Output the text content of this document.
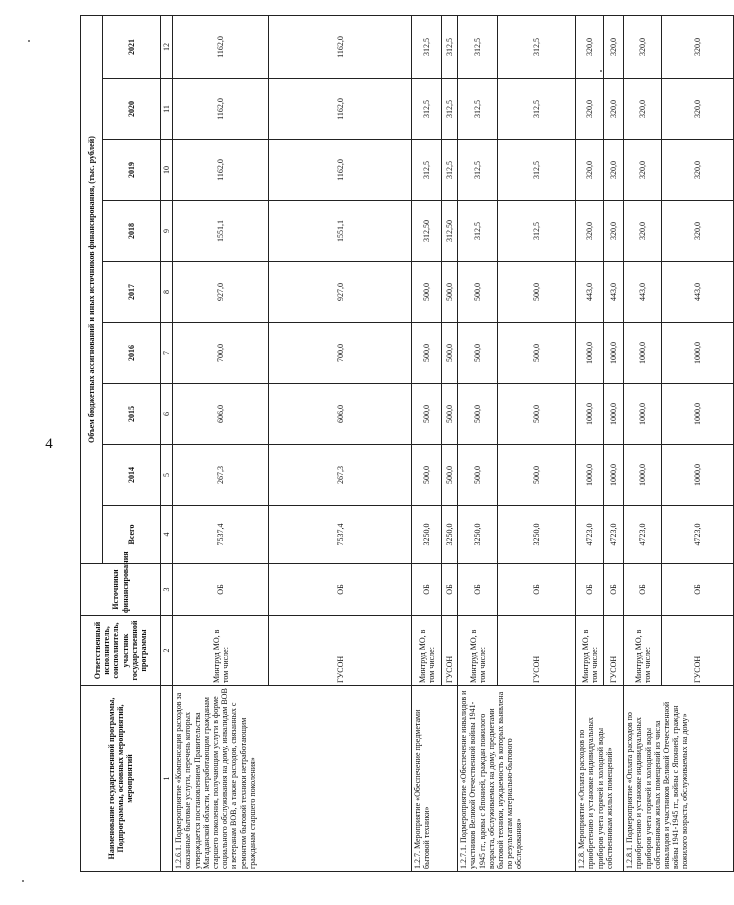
4
Наименование государственной программы, Подпрограммы, основных мероприятий, мероприятий	Ответственный исполнитель, соисполнитель, участник государственной программы	Источники финансирования	Объем бюджетных ассигнований и иных источников финансирования, (тыс. рублей)								
			Всего	2014	2015	2016	2017	2018	2019	2020	2021
1	2	3	4	5	6	7	8	9	10	11	12
1.2.6.1. Подмероприятие «Компенсация расходов за оказанные бытовые услуги, перечень которых утверждается постановлением Правительства Магаданской области, нетработающим гражданам старшего поколения, получающим услуги в форме социального обслуживания на дому, инвалидам ВОВ и ветеранам ВОВ, а также расходов, связанных с ремонтом бытовой техники нетработающим гражданам старшего поколения»	Минтруд МО, в том числе:	ОБ	7537,4	267,3	606,0	700,0	927,0	1551,1	1162,0	1162,0	1162,0
	ГУСОН	ОБ	7537,4	267,3	606,0	700,0	927,0	1551,1	1162,0	1162,0	1162,0
1.2.7. Мероприятие «Обеспечение предметами бытовой техники»	Минтруд МО, в том числе:	ОБ	3250,0	500,0	500,0	500,0	500,0	312,50	312,5	312,5	312,5
	ГУСОН	ОБ	3250,0	500,0	500,0	500,0	500,0	312,50	312,5	312,5	312,5
1.2.7.1. Подмероприятие «Обеспечение инвалидов и участников Великой Отечественной войны 1941-1945 гг., вдовы с Японией, граждан пожилого возраста, обслуживаемых на дому, предметами бытовой техники, нуждаемость в которых выявлена по результатам материально-бытового обследования»	Минтруд МО, в том числе:	ОБ	3250,0	500,0	500,0	500,0	500,0	312,5	312,5	312,5	312,5
	ГУСОН	ОБ	3250,0	500,0	500,0	500,0	500,0	312,5	312,5	312,5	312,5
1.2.8. Мероприятие «Оплата расходов по приобретению и установке индивидуальных приборов учета горячей и холодной воды собственникам жилых помещений»	Минтруд МО, в том числе:	ОБ	4723,0	1000,0	1000,0	1000,0	443,0	320,0	320,0	320,0	320,0
	ГУСОН	ОБ	4723,0	1000,0	1000,0	1000,0	443,0	320,0	320,0	320,0	320,0
1.2.8.1. Подмероприятие «Оплата расходов по приобретению и установке индивидуальных приборов учета горячей и холодной воды собственникам жилых помещений из числа инвалидов и участников Великой Отечественной войны 1941-1945 гг., войны с Японией, граждан пожилого возраста, обслуживаемых на дому»	Минтруд МО, в том числе:	ОБ	4723,0	1000,0	1000,0	1000,0	443,0	320,0	320,0	320,0	320,0
	ГУСОН	ОБ	4723,0	1000,0	1000,0	1000,0	443,0	320,0	320,0	320,0	320,0
